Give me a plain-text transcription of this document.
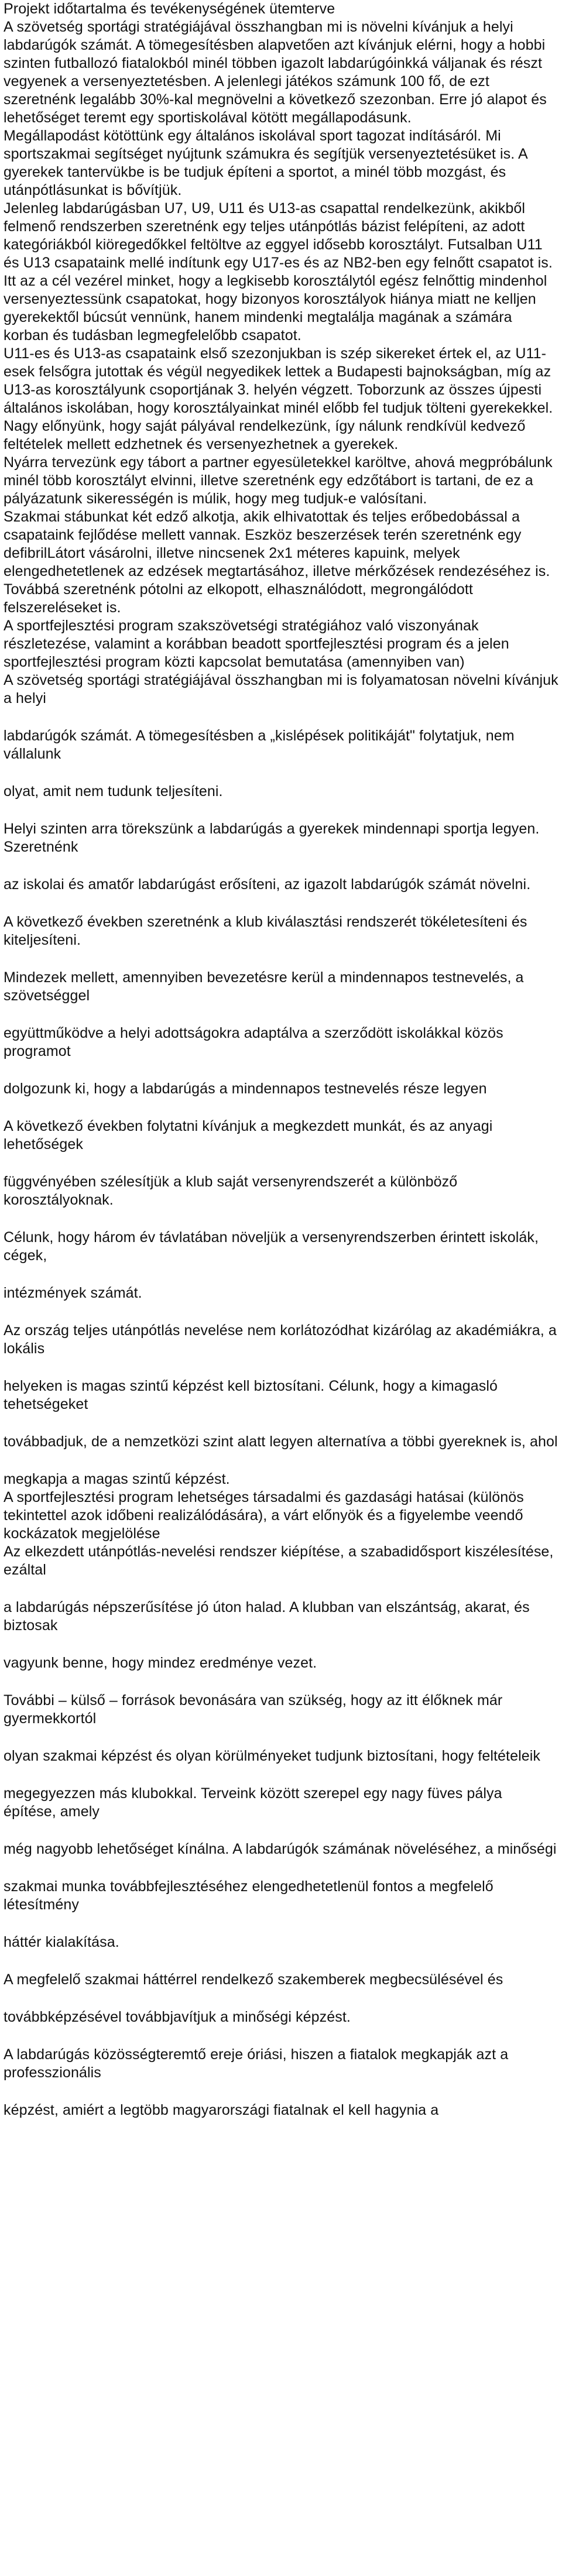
Projekt időtartalma és tevékenységének ütemterve

A szövetség sportági stratégiájával összhangban mi is növelni kívánjuk a helyi labdarúgók számát. A tömegesítésben alapvetően azt kívánjuk elérni, hogy a hobbi szinten futballozó fiatalokból minél többen igazolt labdarúgóinkká váljanak és részt vegyenek a versenyeztetésben. A jelenlegi játékos számunk 100 fő, de ezt szeretnénk legalább 30%-kal megnövelni a következő szezonban. Erre jó alapot és lehetőséget teremt egy sportiskolával kötött megállapodásunk.

Megállapodást kötöttünk egy általános iskolával sport tagozat indításáról. Mi sportszakmai segítséget nyújtunk számukra és segítjük versenyeztetésüket is. A gyerekek tantervükbe is be tudjuk építeni a sportot, a minél több mozgást, és utánpótlásunkat is bővítjük.

Jelenleg labdarúgásban U7, U9, U11 és U13-as csapattal rendelkezünk, akikből felmenő rendszerben szeretnénk egy teljes utánpótlás bázist felépíteni, az adott kategóriákból kiöregedőkkel feltöltve az eggyel idősebb korosztályt. Futsalban U11 és U13 csapataink mellé indítunk egy U17-es és az NB2-ben egy felnőtt csapatot is. Itt az a cél vezérel minket, hogy a legkisebb korosztálytól egész felnőttig mindenhol versenyeztessünk csapatokat, hogy bizonyos korosztályok hiánya miatt ne kelljen gyerekektől búcsút vennünk, hanem mindenki megtalálja magának a számára korban és tudásban legmegfelelőbb csapatot.

U11-es és U13-as csapataink első szezonjukban is szép sikereket értek el, az U11-esek felsőgra jutottak és végül negyedikek lettek a Budapesti bajnokságban, míg az U13-as korosztályunk csoportjának 3. helyén végzett. Toborzunk az összes újpesti általános iskolában, hogy korosztályainkat minél előbb fel tudjuk tölteni gyerekekkel. Nagy előnyünk, hogy saját pályával rendelkezünk, így nálunk rendkívül kedvező feltételek mellett edzhetnek és versenyezhetnek a gyerekek.

Nyárra tervezünk egy tábort a partner egyesületekkel karöltve, ahová megpróbálunk minél több korosztályt elvinni, illetve szeretnénk egy edzőtábort is tartani, de ez a pályázatunk sikerességén is múlik, hogy meg tudjuk-e valósítani.

Szakmai stábunkat két edző alkotja, akik elhivatottak és teljes erőbedobással a csapataink fejlődése mellett vannak. Eszköz beszerzések terén szeretnénk egy defibrilLátort vásárolni, illetve nincsenek 2x1 méteres kapuink, melyek elengedhetetlenek az edzések megtartásához, illetve mérkőzések rendezéséhez is. Továbbá szeretnénk pótolni az elkopott, elhasználódott, megrongálódott felszereléseket is.

A sportfejlesztési program szakszövetségi stratégiához való viszonyának részletezése, valamint a korábban beadott sportfejlesztési program és a jelen sportfejlesztési program közti kapcsolat bemutatása (amennyiben van)

A szövetség sportági stratégiájával összhangban mi is folyamatosan növelni kívánjuk a helyi

labdarúgók számát. A tömegesítésben a „kislépések politikáját" folytatjuk, nem vállalunk

olyat, amit nem tudunk teljesíteni.

Helyi szinten arra törekszünk a labdarúgás a gyerekek mindennapi sportja legyen. Szeretnénk

az iskolai és amatőr labdarúgást erősíteni, az igazolt labdarúgók számát növelni.

A következő években szeretnénk a klub kiválasztási rendszerét tökéletesíteni és kiteljesíteni.

Mindezek mellett, amennyiben bevezetésre kerül a mindennapos testnevelés, a szövetséggel

együttműködve a helyi adottságokra adaptálva a szerződött iskolákkal közös programot

dolgozunk ki, hogy a labdarúgás a mindennapos testnevelés része legyen

A következő években folytatni kívánjuk a megkezdett munkát, és az anyagi lehetőségek

függvényében szélesítjük a klub saját versenyrendszerét a különböző korosztályoknak.

Célunk, hogy három év távlatában növeljük a versenyrendszerben érintett iskolák, cégek,

intézmények számát.

Az ország teljes utánpótlás nevelése nem korlátozódhat kizárólag az akadémiákra, a lokális

helyeken is magas szintű képzést kell biztosítani. Célunk, hogy a kimagasló tehetségeket

továbbadjuk, de a nemzetközi szint alatt legyen alternatíva a többi gyereknek is, ahol

megkapja a magas szintű képzést.

A sportfejlesztési program lehetséges társadalmi és gazdasági hatásai (különös tekintettel azok időbeni realizálódására), a várt előnyök és a figyelembe veendő kockázatok megjelölése

Az elkezdett utánpótlás-nevelési rendszer kiépítése, a szabadidősport kiszélesítése, ezáltal

a labdarúgás népszerűsítése jó úton halad. A klubban van elszántság, akarat, és biztosak

vagyunk benne, hogy mindez eredménye vezet.

További – külső – források bevonására van szükség, hogy az itt élőknek már gyermekkortól

olyan szakmai képzést és olyan körülményeket tudjunk biztosítani, hogy feltételeik

megegyezzen más klubokkal. Terveink között szerepel egy nagy füves pálya építése, amely

még nagyobb lehetőséget kínálna. A labdarúgók számának növeléséhez, a minőségi

szakmai munka továbbfejlesztéséhez elengedhetetlenül fontos a megfelelő létesítmény

háttér kialakítása.

A megfelelő szakmai háttérrel rendelkező szakemberek megbecsülésével és

továbbképzésével továbbjavítjuk a minőségi képzést.

A labdarúgás közösségteremtő ereje óriási, hiszen a fiatalok megkapják azt a professzionális

képzést, amiért a legtöbb magyarországi fiatalnak el kell hagynia a
